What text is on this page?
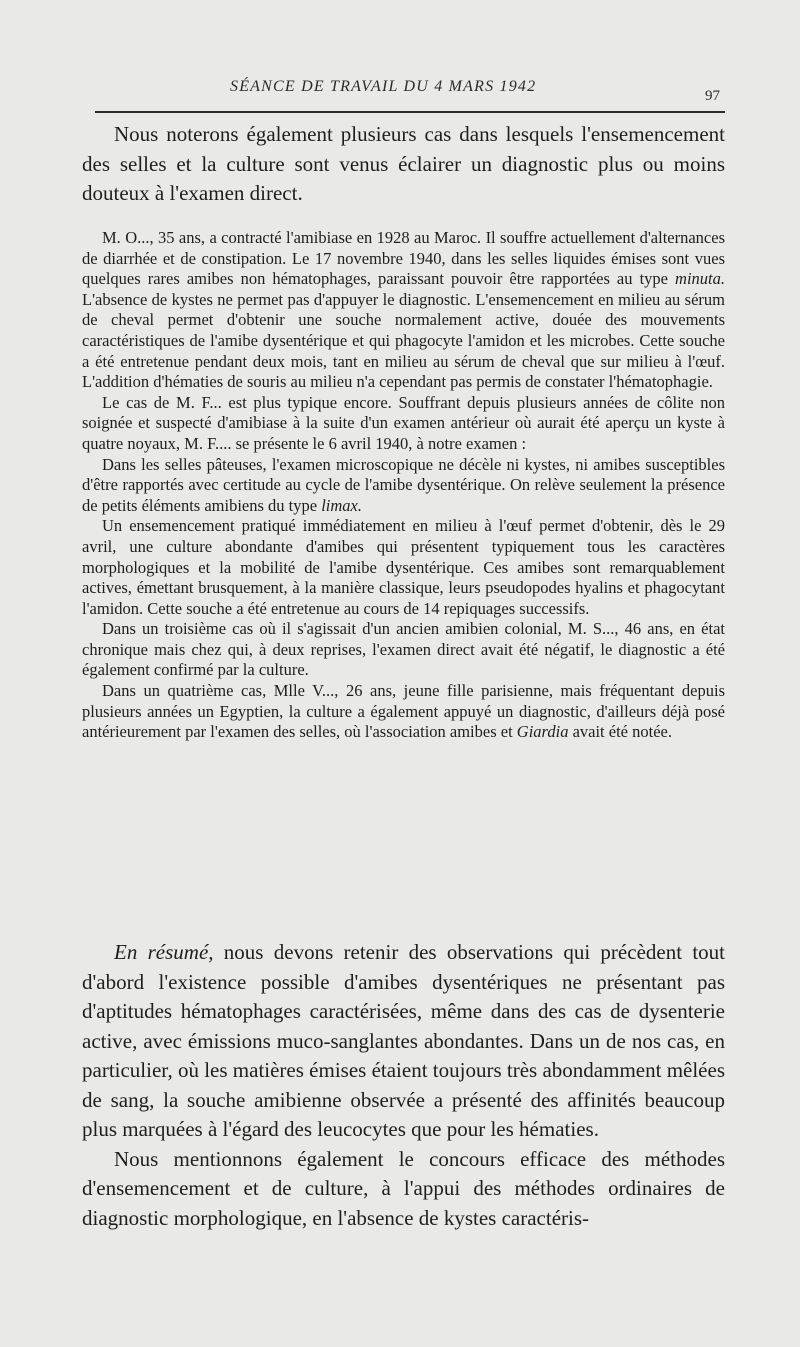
SÉANCE DE TRAVAIL DU 4 MARS 1942
97

Nous noterons également plusieurs cas dans lesquels l'ensemencement des selles et la culture sont venus éclairer un diagnostic plus ou moins douteux à l'examen direct.

M. O..., 35 ans, a contracté l'amibiase en 1928 au Maroc. Il souffre actuellement d'alternances de diarrhée et de constipation. Le 17 novembre 1940, dans les selles liquides émises sont vues quelques rares amibes non hématophages, paraissant pouvoir être rapportées au type minuta. L'absence de kystes ne permet pas d'appuyer le diagnostic. L'ensemencement en milieu au sérum de cheval permet d'obtenir une souche normalement active, douée des mouvements caractéristiques de l'amibe dysentérique et qui phagocyte l'amidon et les microbes. Cette souche a été entretenue pendant deux mois, tant en milieu au sérum de cheval que sur milieu à l'œuf. L'addition d'hématies de souris au milieu n'a cependant pas permis de constater l'hématophagie.

Le cas de M. F... est plus typique encore. Souffrant depuis plusieurs années de côlite non soignée et suspecté d'amibiase à la suite d'un examen antérieur où aurait été aperçu un kyste à quatre noyaux, M. F.... se présente le 6 avril 1940, à notre examen :

Dans les selles pâteuses, l'examen microscopique ne décèle ni kystes, ni amibes susceptibles d'être rapportés avec certitude au cycle de l'amibe dysentérique. On relève seulement la présence de petits éléments amibiens du type limax.

Un ensemencement pratiqué immédiatement en milieu à l'œuf permet d'obtenir, dès le 29 avril, une culture abondante d'amibes qui présentent typiquement tous les caractères morphologiques et la mobilité de l'amibe dysentérique. Ces amibes sont remarquablement actives, émettant brusquement, à la manière classique, leurs pseudopodes hyalins et phagocytant l'amidon. Cette souche a été entretenue au cours de 14 repiquages successifs.

Dans un troisième cas où il s'agissait d'un ancien amibien colonial, M. S..., 46 ans, en état chronique mais chez qui, à deux reprises, l'examen direct avait été négatif, le diagnostic a été également confirmé par la culture.

Dans un quatrième cas, Mlle V..., 26 ans, jeune fille parisienne, mais fréquentant depuis plusieurs années un Egyptien, la culture a également appuyé un diagnostic, d'ailleurs déjà posé antérieurement par l'examen des selles, où l'association amibes et Giardia avait été notée.

En résumé, nous devons retenir des observations qui précèdent tout d'abord l'existence possible d'amibes dysentériques ne présentant pas d'aptitudes hématophages caractérisées, même dans des cas de dysenterie active, avec émissions muco-sanglantes abondantes. Dans un de nos cas, en particulier, où les matières émises étaient toujours très abondamment mêlées de sang, la souche amibienne observée a présenté des affinités beaucoup plus marquées à l'égard des leucocytes que pour les hématies.

Nous mentionnons également le concours efficace des méthodes d'ensemencement et de culture, à l'appui des méthodes ordinaires de diagnostic morphologique, en l'absence de kystes caractéris-
